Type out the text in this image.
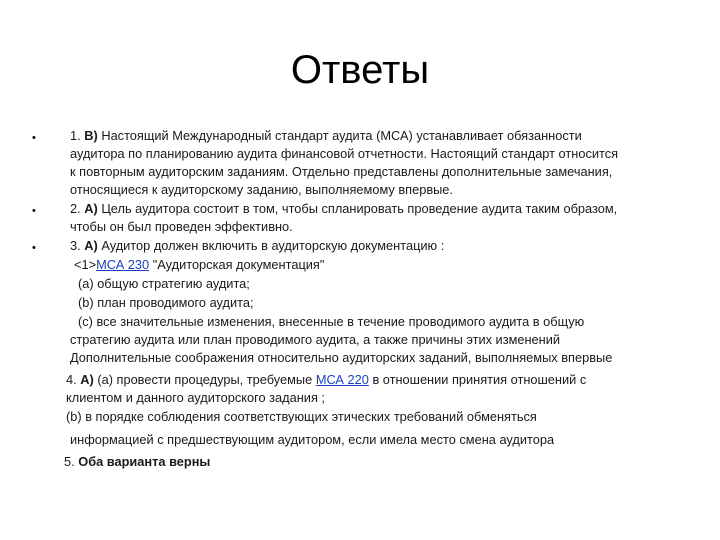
Ответы
•
•
•
1. В) Настоящий Международный стандарт аудита (МСА) устанавливает обязанности
аудитора по планированию аудита финансовой отчетности. Настоящий стандарт относится
к повторным аудиторским заданиям. Отдельно представлены дополнительные замечания,
относящиеся к аудиторскому заданию, выполняемому впервые.
2. А) Цель аудитора состоит в том, чтобы спланировать проведение аудита таким образом,
чтобы он был проведен эффективно.
3. А) Аудитор должен включить в аудиторскую документацию :
<1>МСА 230 "Аудиторская документация"
(a) общую стратегию аудита;
(b) план проводимого аудита;
(c) все значительные изменения, внесенные в течение проводимого аудита в общую
стратегию аудита или план проводимого аудита, а также причины этих изменений
Дополнительные соображения относительно аудиторских заданий, выполняемых впервые
4. А) (a) провести процедуры, требуемые МСА 220 в отношении принятия отношений с
клиентом и данного аудиторского задания ;
(b) в порядке соблюдения соответствующих этических требований обменяться
информацией с предшествующим аудитором, если имела место смена аудитора
5. Оба варианта верны
